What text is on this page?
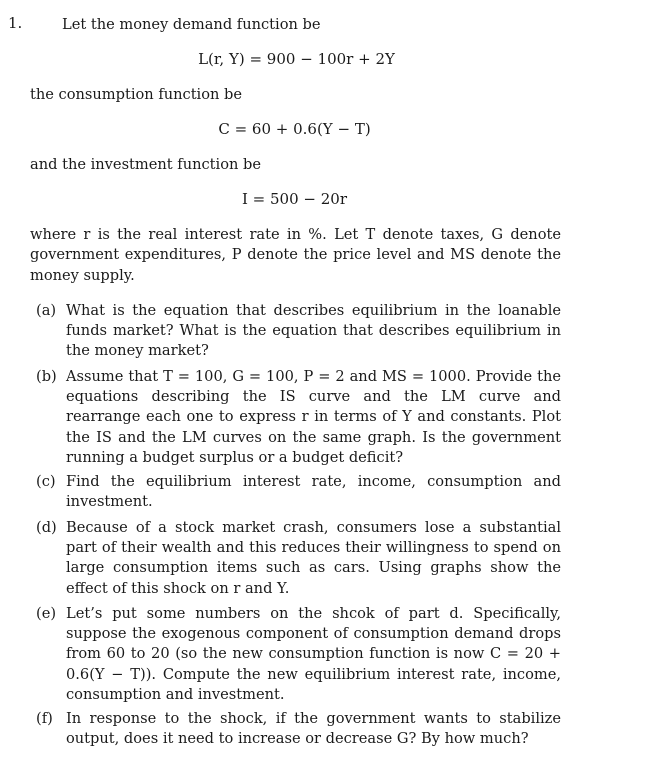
1.	Let the money demand function be
L(r, Y) = 900 − 100r + 2Y
the consumption function be
C = 60 + 0.6(Y − T)
and the investment function be
I = 500 − 20r
where r is the real interest rate in %. Let T denote taxes, G denote government expenditures, P denote the price level and MS denote the money supply.
(a) What is the equation that describes equilibrium in the loanable funds market? What is the equation that describes equilibrium in the money market?
(b) Assume that T = 100, G = 100, P = 2 and MS = 1000. Provide the equations describing the IS curve and the LM curve and rearrange each one to express r in terms of Y and constants. Plot the IS and the LM curves on the same graph. Is the government running a budget surplus or a budget deficit?
(c) Find the equilibrium interest rate, income, consumption and investment.
(d) Because of a stock market crash, consumers lose a substantial part of their wealth and this reduces their willingness to spend on large consumption items such as cars. Using graphs show the effect of this shock on r and Y.
(e) Let’s put some numbers on the shcok of part d. Specifically, suppose the exogenous component of consumption demand drops from 60 to 20 (so the new consumption function is now C = 20 + 0.6(Y − T)). Compute the new equilibrium interest rate, income, consumption and investment.
(f) In response to the shock, if the government wants to stabilize output, does it need to increase or decrease G? By how much?
